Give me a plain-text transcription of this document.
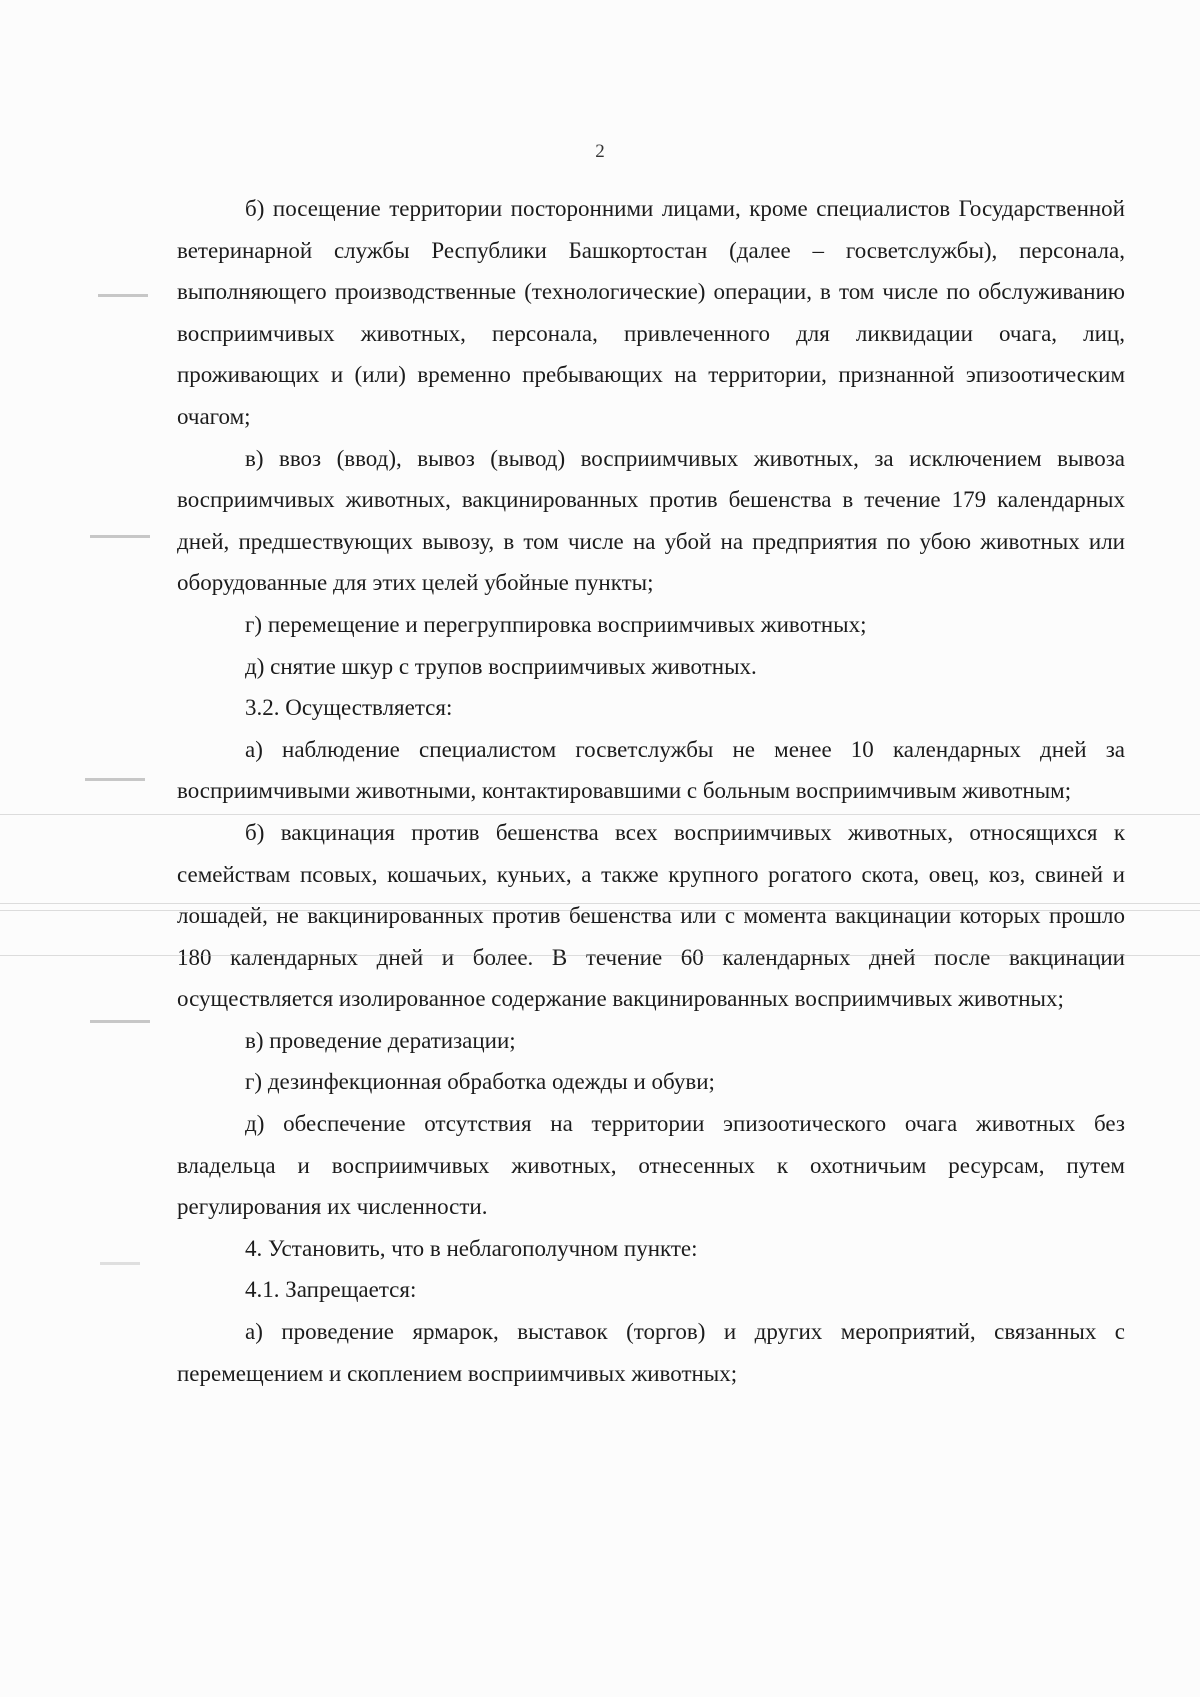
2

б) посещение территории посторонними лицами, кроме специалистов Государственной ветеринарной службы Республики Башкортостан (далее – госветслужбы), персонала, выполняющего производственные (технологические) операции, в том числе по обслуживанию восприимчивых животных, персонала, привлеченного для ликвидации очага, лиц, проживающих и (или) временно пребывающих на территории, признанной эпизоотическим очагом;

в) ввоз (ввод), вывоз (вывод) восприимчивых животных, за исключением вывоза восприимчивых животных, вакцинированных против бешенства в течение 179 календарных дней, предшествующих вывозу, в том числе на убой на предприятия по убою животных или оборудованные для этих целей убойные пункты;

г) перемещение и перегруппировка восприимчивых животных;

д) снятие шкур с трупов восприимчивых животных.

3.2. Осуществляется:

а) наблюдение специалистом госветслужбы не менее 10 календарных дней за восприимчивыми животными, контактировавшими с больным восприимчивым животным;

б) вакцинация против бешенства всех восприимчивых животных, относящихся к семействам псовых, кошачьих, куньих, а также крупного рогатого скота, овец, коз, свиней и лошадей, не вакцинированных против бешенства или с момента вакцинации которых прошло 180 календарных дней и более. В течение 60 календарных дней после вакцинации осуществляется изолированное содержание вакцинированных восприимчивых животных;

в) проведение дератизации;

г) дезинфекционная обработка одежды и обуви;

д) обеспечение отсутствия на территории эпизоотического очага животных без владельца и восприимчивых животных, отнесенных к охотничьим ресурсам, путем регулирования их численности.

4. Установить, что в неблагополучном пункте:

4.1. Запрещается:

а) проведение ярмарок, выставок (торгов) и других мероприятий, связанных с перемещением и скоплением восприимчивых животных;
